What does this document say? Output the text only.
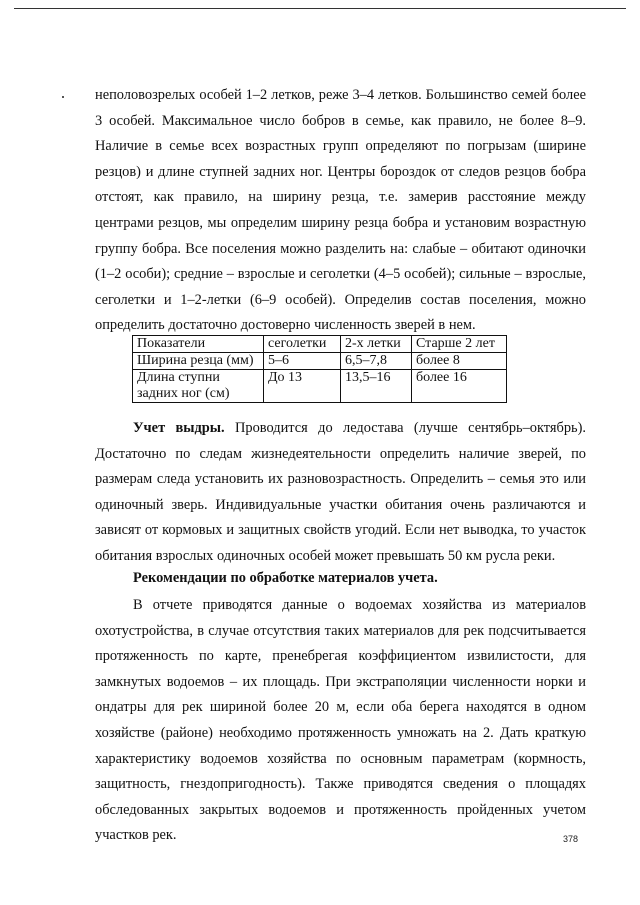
неполовозрелых особей 1–2 летков, реже 3–4 летков. Большинство семей более 3 особей. Максимальное число бобров в семье, как правило, не более 8–9. Наличие в семье всех возрастных групп определяют по погрызам (ширине резцов) и длине ступней задних ног. Центры бороздок от следов резцов бобра отстоят, как правило, на ширину резца, т.е. замерив расстояние между центрами резцов, мы определим ширину резца бобра и установим возрастную группу бобра. Все поселения можно разделить на: слабые – обитают одиночки (1–2 особи); средние – взрослые и сеголетки (4–5 особей); сильные – взрослые, сеголетки и 1–2-летки (6–9 особей). Определив состав поселения, можно определить достаточно достоверно численность зверей в нем.

Показатели	сеголетки	2-х летки	Старше 2 лет
Ширина резца (мм)	5–6	6,5–7,8	более 8
Длина ступни задних ног (см)	До 13	13,5–16	более 16

Учет выдры. Проводится до ледостава (лучше сентябрь–октябрь). Достаточно по следам жизнедеятельности определить наличие зверей, по размерам следа установить их разновозрастность. Определить – семья это или одиночный зверь. Индивидуальные участки обитания очень различаются и зависят от кормовых и защитных свойств угодий. Если нет выводка, то участок обитания взрослых одиночных особей может превышать 50 км русла реки.

Рекомендации по обработке материалов учета.

В отчете приводятся данные о водоемах хозяйства из материалов охотустройства, в случае отсутствия таких материалов для рек подсчитывается протяженность по карте, пренебрегая коэффициентом извилистости, для замкнутых водоемов – их площадь. При экстраполяции численности норки и ондатры для рек шириной более 20 м, если оба берега находятся в одном хозяйстве (районе) необходимо протяженность умножать на 2. Дать краткую характеристику водоемов хозяйства по основным параметрам (кормность, защитность, гнездопригодность). Также приводятся сведения о площадях обследованных закрытых водоемов и протяженность пройденных учетом участков рек.	378
